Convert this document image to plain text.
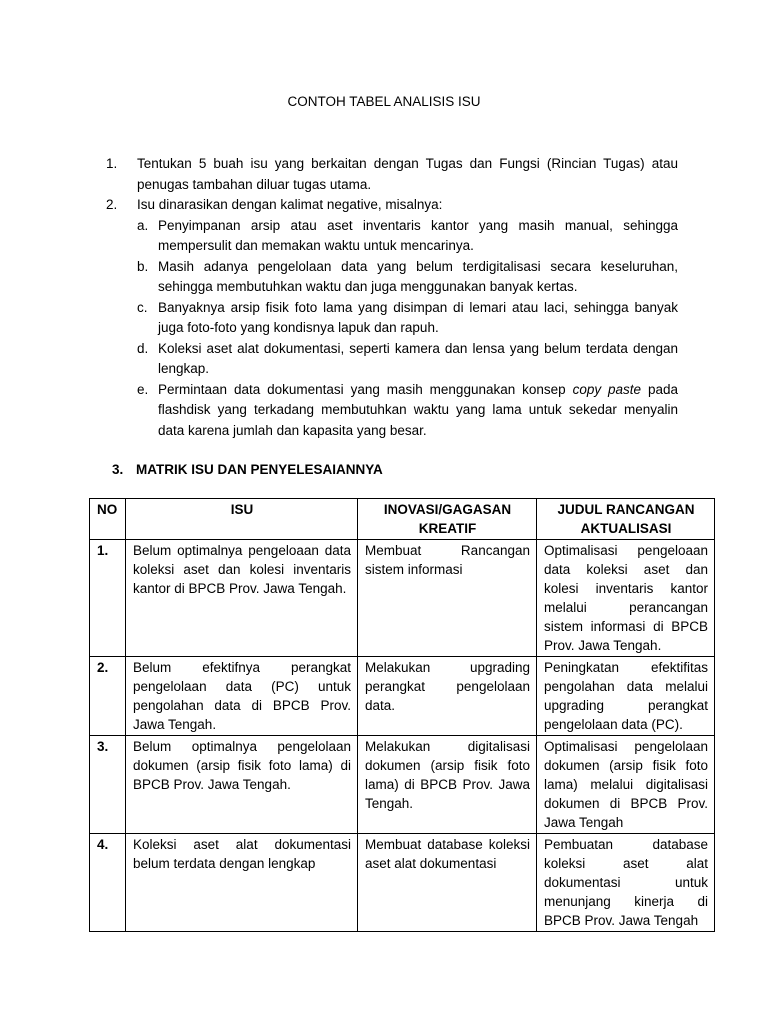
CONTOH TABEL ANALISIS ISU
1.	Tentukan 5 buah isu yang berkaitan dengan Tugas dan Fungsi (Rincian Tugas) atau penugas tambahan diluar tugas utama.
2.	Isu dinarasikan dengan kalimat negative, misalnya:
a. Penyimpanan arsip atau aset inventaris kantor yang masih manual, sehingga mempersulit dan memakan waktu untuk mencarinya.
b. Masih adanya pengelolaan data yang belum terdigitalisasi secara keseluruhan, sehingga membutuhkan waktu dan juga menggunakan banyak kertas.
c. Banyaknya arsip fisik foto lama yang disimpan di lemari atau laci, sehingga banyak juga foto-foto yang kondisnya lapuk dan rapuh.
d. Koleksi aset alat dokumentasi, seperti kamera dan lensa yang belum terdata dengan lengkap.
e. Permintaan data dokumentasi yang masih menggunakan konsep copy paste pada flashdisk yang terkadang membutuhkan waktu yang lama untuk sekedar menyalin data karena jumlah dan kapasita yang besar.
3. MATRIK ISU DAN PENYELESAIANNYA
NO	ISU	INOVASI/GAGASAN KREATIF	JUDUL RANCANGAN AKTUALISASI
1.	Belum optimalnya pengeloaan data koleksi aset dan kolesi inventaris kantor di BPCB Prov. Jawa Tengah.	Membuat Rancangan sistem informasi	Optimalisasi pengeloaan data koleksi aset dan kolesi inventaris kantor melalui perancangan sistem informasi di BPCB Prov. Jawa Tengah.
2.	Belum efektifnya perangkat pengelolaan data (PC) untuk pengolahan data di BPCB Prov. Jawa Tengah.	Melakukan upgrading perangkat pengelolaan data.	Peningkatan efektifitas pengolahan data melalui upgrading perangkat pengelolaan data (PC).
3.	Belum optimalnya pengelolaan dokumen (arsip fisik foto lama) di BPCB Prov. Jawa Tengah.	Melakukan digitalisasi dokumen (arsip fisik foto lama) di BPCB Prov. Jawa Tengah.	Optimalisasi pengelolaan dokumen (arsip fisik foto lama) melalui digitalisasi dokumen di BPCB Prov. Jawa Tengah
4.	Koleksi aset alat dokumentasi belum terdata dengan lengkap	Membuat database koleksi aset alat dokumentasi	Pembuatan database koleksi aset alat dokumentasi untuk menunjang kinerja di BPCB Prov. Jawa Tengah
